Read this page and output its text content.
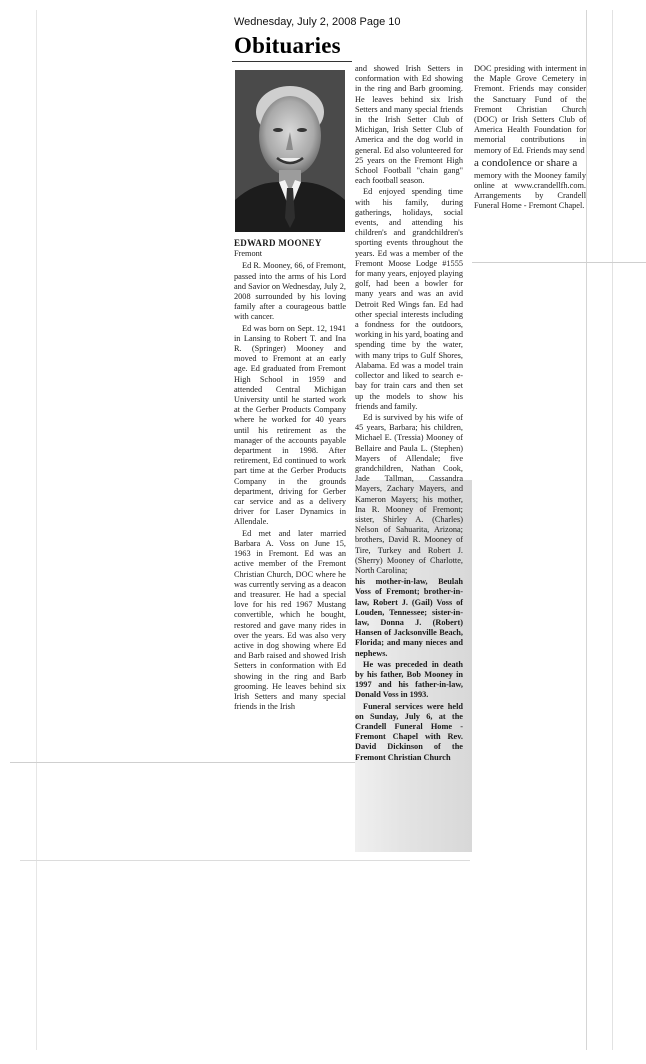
Wednesday, July 2, 2008 Page 10
Obituaries

EDWARD MOONEY

Fremont

Ed R. Mooney, 66, of Fremont, passed into the arms of his Lord and Savior on Wednesday, July 2, 2008 surrounded by his loving family after a courageous battle with cancer.

Ed was born on Sept. 12, 1941 in Lansing to Robert T. and Ina R. (Springer) Mooney and moved to Fremont at an early age. Ed graduated from Fremont High School in 1959 and attended Central Michigan University until he started work at the Gerber Products Company where he worked for 40 years until his retirement as the manager of the accounts payable department in 1998. After retirement, Ed continued to work part time at the Gerber Products Company in the grounds department, driving for Gerber car service and as a delivery driver for Laser Dynamics in Allendale.

Ed met and later married Barbara A. Voss on June 15, 1963 in Fremont. Ed was an active member of the Fremont Christian Church, DOC where he was currently serving as a deacon and treasurer. He had a special love for his red 1967 Mustang convertible, which he bought, restored and gave many rides in over the years. Ed was also very active in dog showing where Ed and Barb raised and showed Irish Setters in conformation with Ed showing in the ring and Barb grooming. He leaves behind six Irish Setters and many special friends in the Irish

and showed Irish Setters in conformation with Ed showing in the ring and Barb grooming. He leaves behind six Irish Setters and many special friends in the Irish Setter Club of Michigan, Irish Setter Club of America and the dog world in general. Ed also volunteered for 25 years on the Fremont High School Football "chain gang" each football season.

Ed enjoyed spending time with his family, during gatherings, holidays, social events, and attending his children's and grandchildren's sporting events throughout the years. Ed was a member of the Fremont Moose Lodge #1555 for many years, enjoyed playing golf, had been a bowler for many years and was an avid Detroit Red Wings fan. Ed had other special interests including a fondness for the outdoors, working in his yard, boating and spending time by the water, with many trips to Gulf Shores, Alabama. Ed was a model train collector and liked to search e-bay for train cars and then set up the models to show his friends and family.

Ed is survived by his wife of 45 years, Barbara; his children, Michael E. (Tressia) Mooney of Bellaire and Paula L. (Stephen) Mayers of Allendale; five grandchildren, Nathan Cook, Jade Tallman, Cassandra Mayers, Zachary Mayers, and Kameron Mayers; his mother, Ina R. Mooney of Fremont; sister, Shirley A. (Charles) Nelson of Sahuarita, Arizona; brothers, David R. Mooney of Tire, Turkey and Robert J. (Sherry) Mooney of Charlotte, North Carolina;

his mother-in-law, Beulah Voss of Fremont; brother-in-law, Robert J. (Gail) Voss of Louden, Tennessee; sister-in-law, Donna J. (Robert) Hansen of Jacksonville Beach, Florida; and many nieces and nephews.

He was preceded in death by his father, Bob Mooney in 1997 and his father-in-law, Donald Voss in 1993.

Funeral services were held on Sunday, July 6, at the Crandell Funeral Home - Fremont Chapel with Rev. David Dickinson of the Fremont Christian Church

DOC presiding with interment in the Maple Grove Cemetery in Fremont. Friends may consider the Sanctuary Fund of the Fremont Christian Church (DOC) or Irish Setters Club of America Health Foundation for memorial contributions in memory of Ed. Friends may send

a condolence or share a

memory with the Mooney family online at www.crandellfh.com. Arrangements by Crandell Funeral Home - Fremont Chapel.
